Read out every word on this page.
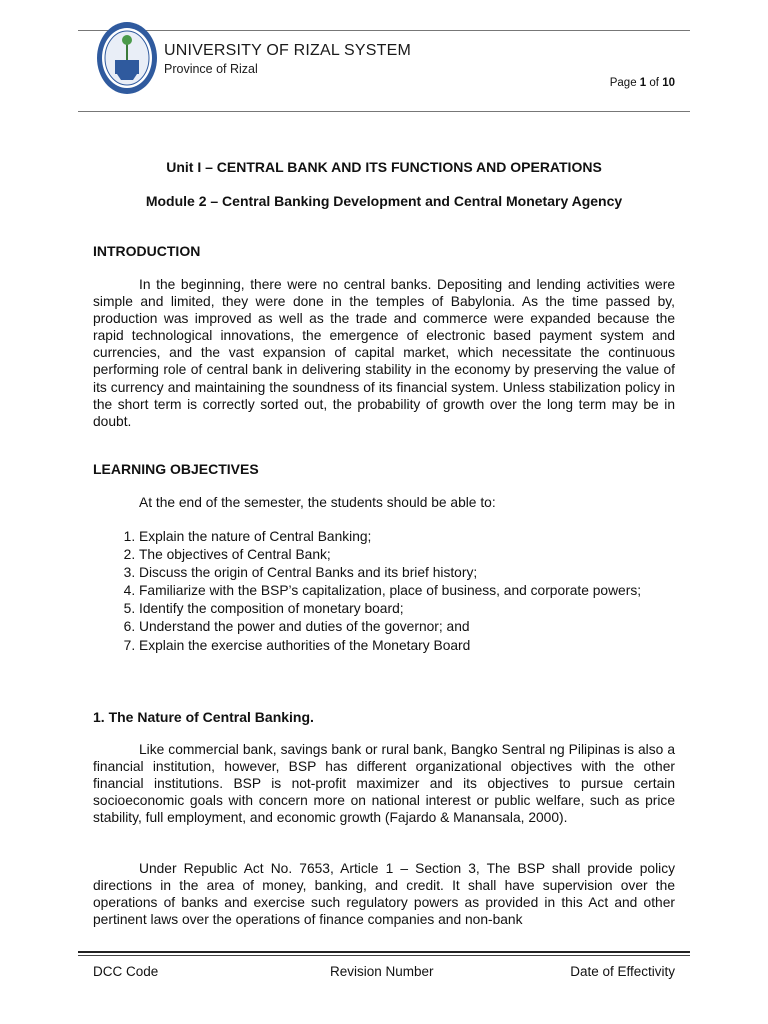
UNIVERSITY OF RIZAL SYSTEM
Province of Rizal
Page 1 of 10
Unit I – CENTRAL BANK AND ITS FUNCTIONS AND OPERATIONS
Module 2 – Central Banking Development and Central Monetary Agency
INTRODUCTION

In the beginning, there were no central banks. Depositing and lending activities were simple and limited, they were done in the temples of Babylonia. As the time passed by, production was improved as well as the trade and commerce were expanded because the rapid technological innovations, the emergence of electronic based payment system and currencies, and the vast expansion of capital market, which necessitate the continuous performing role of central bank in delivering stability in the economy by preserving the value of its currency and maintaining the soundness of its financial system. Unless stabilization policy in the short term is correctly sorted out, the probability of growth over the long term may be in doubt.

LEARNING OBJECTIVES
At the end of the semester, the students should be able to:
1. Explain the nature of Central Banking;
2. The objectives of Central Bank;
3. Discuss the origin of Central Banks and its brief history;
4. Familiarize with the BSP’s capitalization, place of business, and corporate powers;
5. Identify the composition of monetary board;
6. Understand the power and duties of the governor; and
7. Explain the exercise authorities of the Monetary Board
1. The Nature of Central Banking.

Like commercial bank, savings bank or rural bank, Bangko Sentral ng Pilipinas is also a financial institution, however, BSP has different organizational objectives with the other financial institutions. BSP is not-profit maximizer and its objectives to pursue certain socioeconomic goals with concern more on national interest or public welfare, such as price stability, full employment, and economic growth (Fajardo & Manansala, 2000).

Under Republic Act No. 7653, Article 1 – Section 3, The BSP shall provide policy directions in the area of money, banking, and credit. It shall have supervision over the operations of banks and exercise such regulatory powers as provided in this Act and other pertinent laws over the operations of finance companies and non-bank

DCC Code	Revision Number	Date of Effectivity
